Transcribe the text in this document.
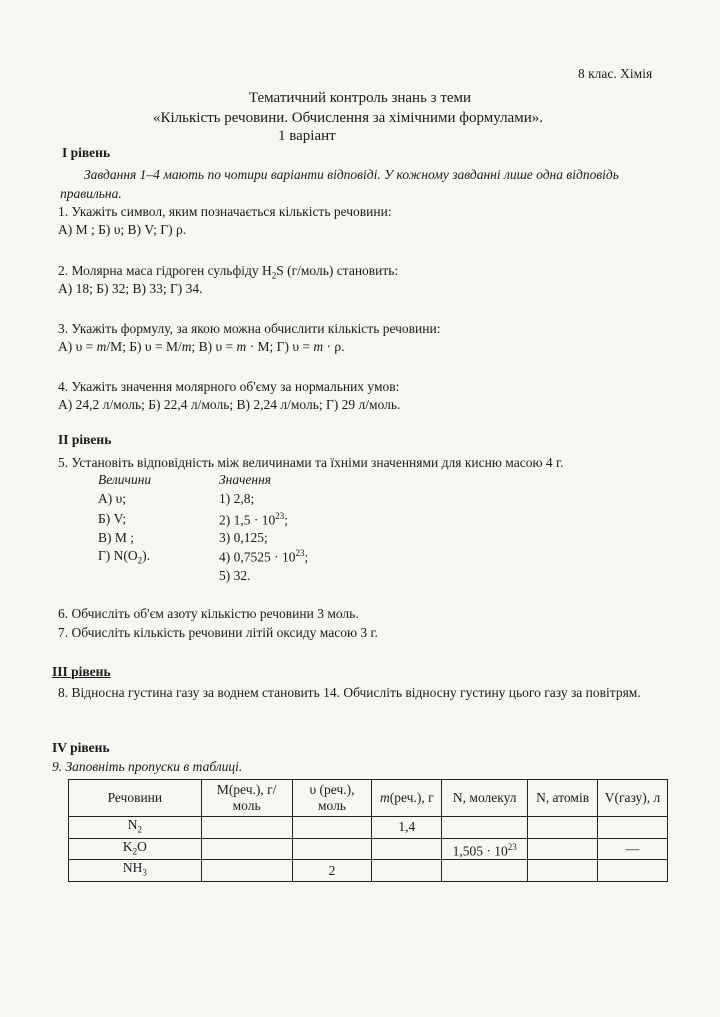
8 клас. Хімія
Тематичний контроль знань з теми
«Кількість речовини. Обчислення за хімічними формулами».
1 варіант
І рівень
Завдання 1–4 мають по чотири варіанти відповіді. У кожному завданні лише одна відповідь правильна.
1. Укажіть символ, яким позначається кількість речовини:
А) M ; Б) υ; В) V; Г) ρ.
2. Молярна маса гідроген сульфіду $H_2S$ (г/моль) становить:
А) 18; Б) 32; В) 33; Г) 34.
3. Укажіть формулу, за якою можна обчислити кількість речовини:
А) υ = m/M; Б) υ = M/m; В) υ = m · M; Г) υ = m · ρ.
4. Укажіть значення молярного об'єму за нормальних умов:
А) 24,2 л/моль; Б) 22,4 л/моль; В) 2,24 л/моль; Г) 29 л/моль.
ІІ рівень
5. Установіть відповідність між величинами та їхніми значеннями для кисню масою 4 г.
Величини	Значення
А) υ;
Б) V;
В) M ;
Г) $N(O_2)$.
1) 2,8;
2) $1,5 \cdot 10^{23}$;
3) 0,125;
4) $0,7525 \cdot 10^{23}$;
5) 32.
6. Обчисліть об'єм азоту кількістю речовини 3 моль.
7. Обчисліть кількість речовини літій оксиду масою 3 г.
ІІІ рівень
8. Відносна густина газу за воднем становить 14. Обчисліть відносну густину цього газу за повітрям.
IV рівень
9. Заповніть пропуски в таблиці.
Речовини	М(реч.), г/моль	υ (реч.), моль	m(реч.), г	N, молекул	N, атомів	V(газу), л
$N_2$			1,4			
$K_2O$				$1,505 \cdot 10^{23}$		—
$NH_3$		2				
